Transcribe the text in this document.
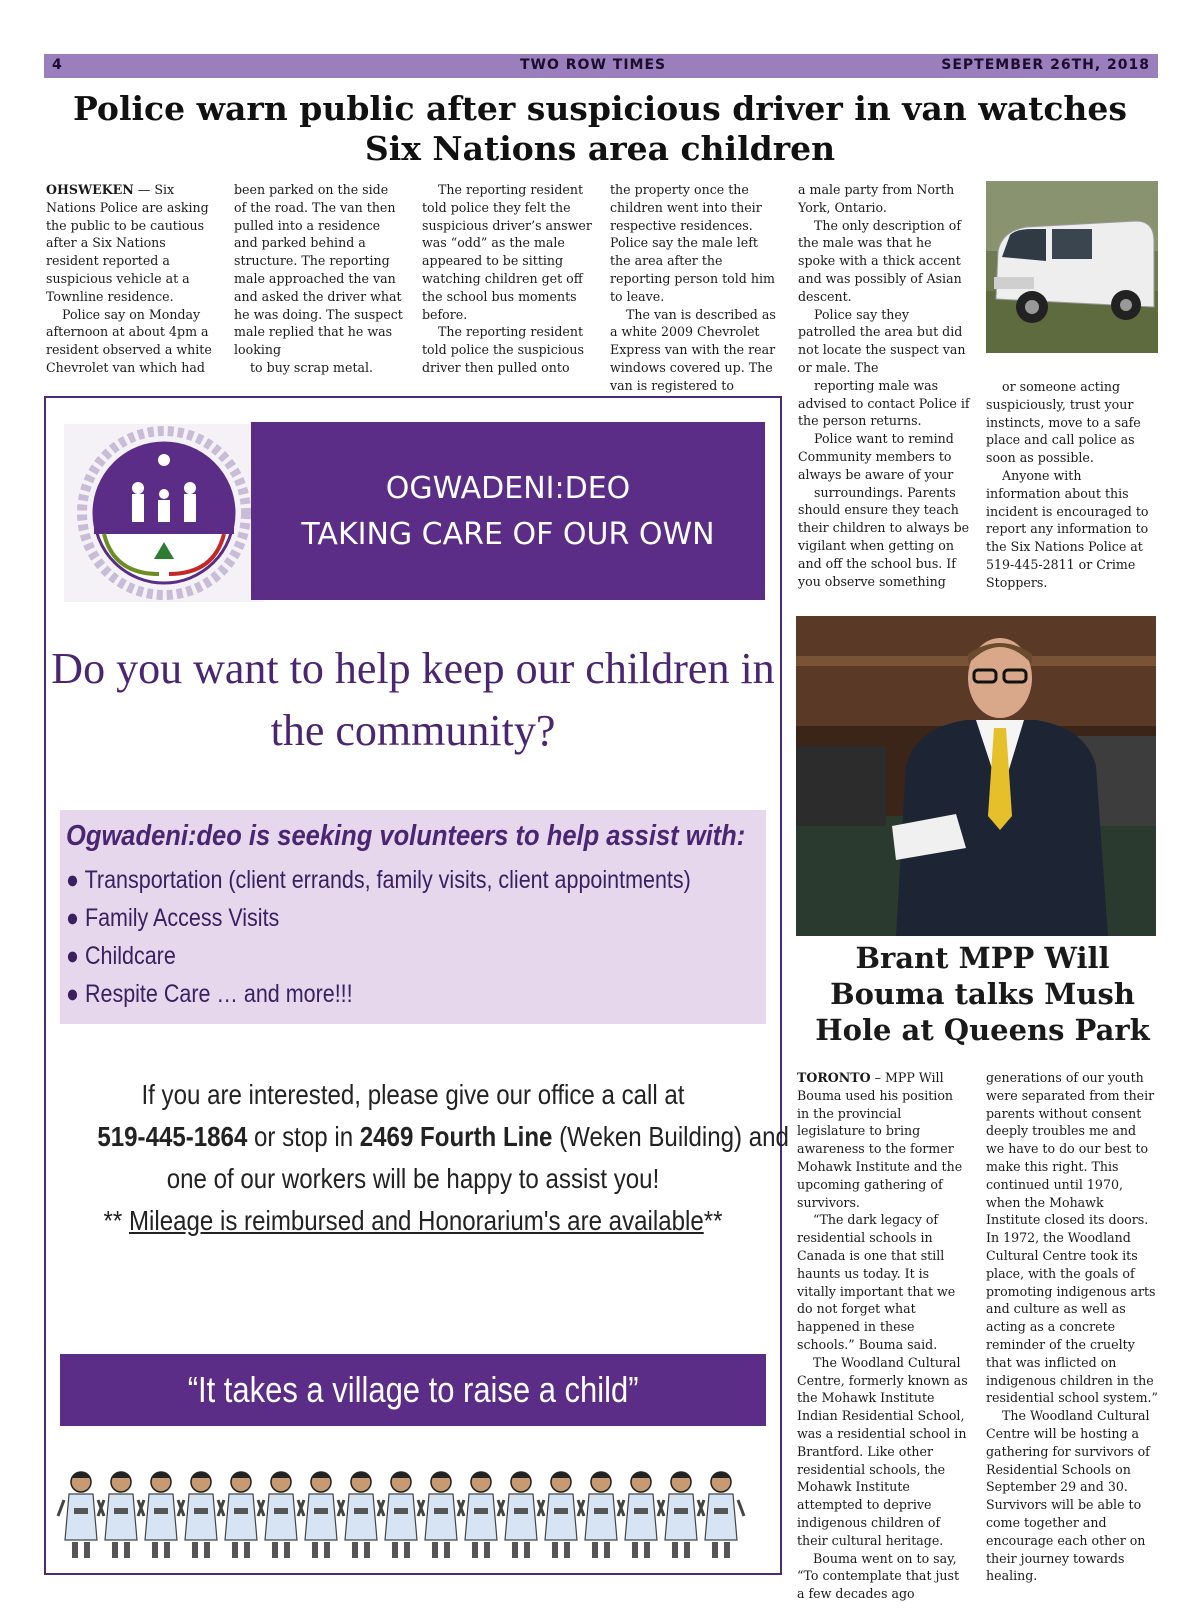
4	TWO ROW TIMES	SEPTEMBER 26TH, 2018
Police warn public after suspicious driver in van watches
Six Nations area children

OHSWEKEN — Six Nations Police are asking the public to be cautious after a Six Nations resident reported a suspicious vehicle at a Townline residence.

Police say on Monday afternoon at about 4pm a resident observed a white Chevrolet van which had

been parked on the side of the road. The van then pulled into a residence and parked behind a structure. The reporting male approached the van and asked the driver what he was doing. The suspect male replied that he was looking

to buy scrap metal.

The reporting resident told police they felt the suspicious driver’s answer was “odd” as the male appeared to be sitting watching children get off the school bus moments before.

The reporting resident told police the suspicious driver then pulled onto

the property once the children went into their respective residences. Police say the male left the area after the reporting person told him to leave.

The van is described as a white 2009 Chevrolet Express van with the rear windows covered up. The van is registered to

a male party from North York, Ontario.

The only description of the male was that he spoke with a thick accent and was possibly of Asian descent.

Police say they patrolled the area but did not locate the suspect van or male. The

reporting male was advised to contact Police if the person returns.

Police want to remind Community members to always be aware of your

surroundings. Parents should ensure they teach their children to always be vigilant when getting on and off the school bus. If you observe something

or someone acting suspiciously, trust your instincts, move to a safe place and call police as soon as possible.

Anyone with information about this incident is encouraged to report any information to the Six Nations Police at 519-445-2811 or Crime Stoppers.

OGWADENI:DEO
TAKING CARE OF OUR OWN
Do you want to help keep our children in
the community?
Ogwadeni:deo is seeking volunteers to help assist with:
● Transportation (client errands, family visits, client appointments)
● Family Access Visits
● Childcare
● Respite Care … and more!!!
If you are interested, please give our office a call at
519-445-1864 or stop in 2469 Fourth Line (Weken Building) and
one of our workers will be happy to assist you!
** Mileage is reimbursed and Honorarium's are available**
“It takes a village to raise a child”
Brant MPP Will
Bouma talks Mush
Hole at Queens Park

TORONTO – MPP Will Bouma used his position in the provincial legislature to bring awareness to the former Mohawk Institute and the upcoming gathering of survivors.

“The dark legacy of residential schools in Canada is one that still haunts us today. It is vitally important that we do not forget what happened in these schools.” Bouma said.

The Woodland Cultural Centre, formerly known as the Mohawk Institute Indian Residential School, was a residential school in Brantford. Like other residential schools, the Mohawk Institute attempted to deprive indigenous children of their cultural heritage.

Bouma went on to say, “To contemplate that just a few decades ago

generations of our youth were separated from their parents without consent deeply troubles me and we have to do our best to make this right. This continued until 1970, when the Mohawk Institute closed its doors. In 1972, the Woodland Cultural Centre took its place, with the goals of promoting indigenous arts and culture as well as acting as a concrete reminder of the cruelty that was inflicted on indigenous children in the residential school system.”

The Woodland Cultural Centre will be hosting a gathering for survivors of Residential Schools on September 29 and 30. Survivors will be able to come together and encourage each other on their journey towards healing.
